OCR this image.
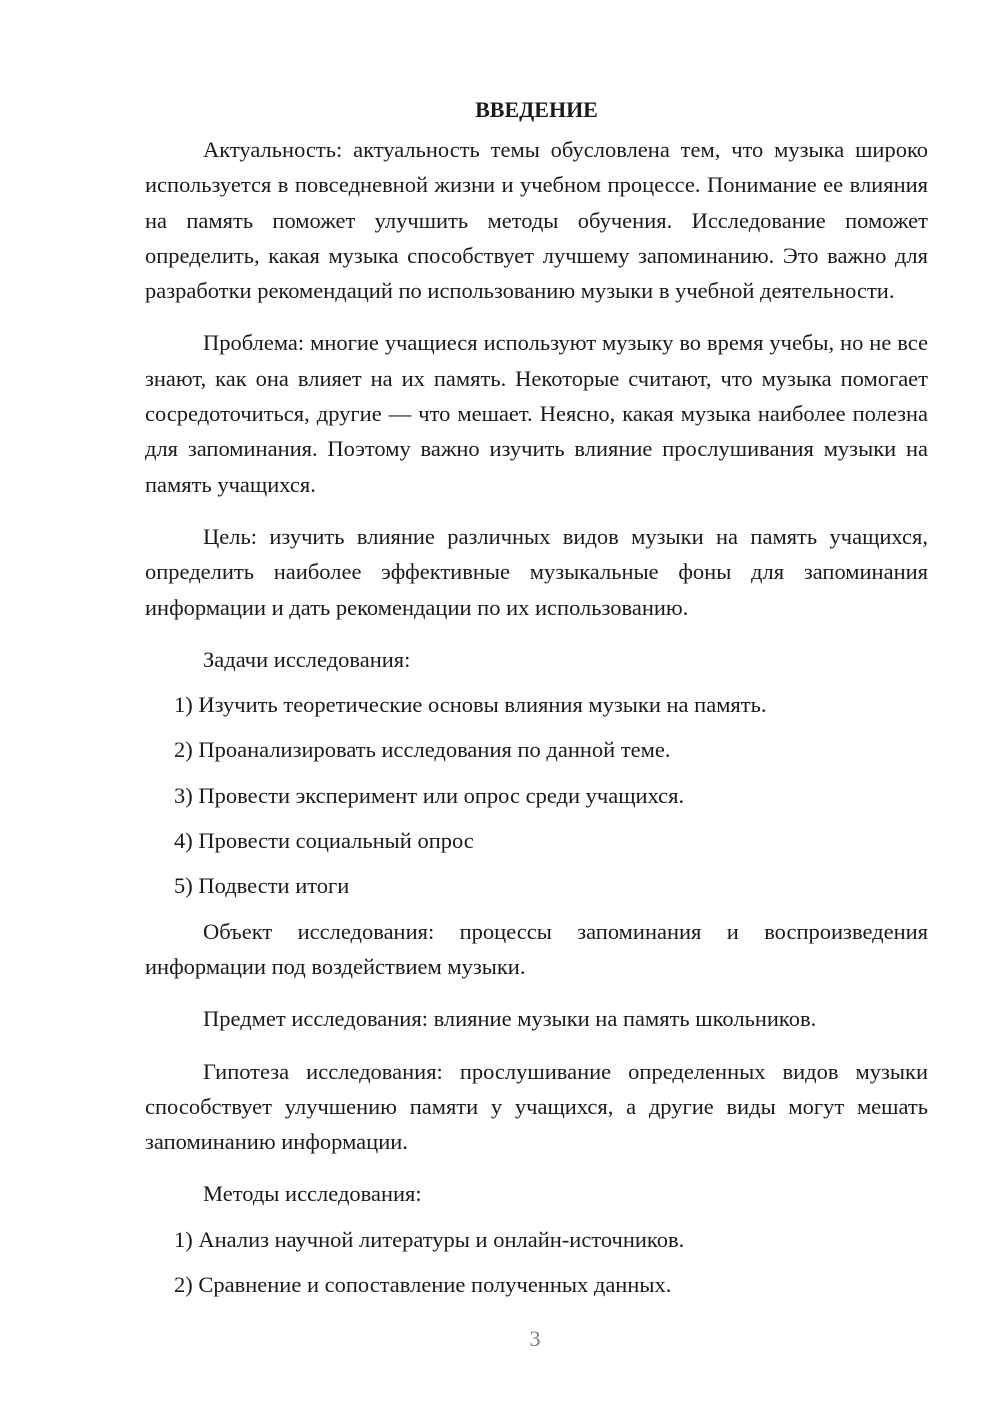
ВВЕДЕНИЕ

Актуальность: актуальность темы обусловлена тем, что музыка широко используется в повседневной жизни и учебном процессе. Понимание ее влияния на память поможет улучшить методы обучения. Исследование поможет определить, какая музыка способствует лучшему запоминанию. Это важно для разработки рекомендаций по использованию музыки в учебной деятельности.

Проблема: многие учащиеся используют музыку во время учебы, но не все знают, как она влияет на их память. Некоторые считают, что музыка помогает сосредоточиться, другие — что мешает. Неясно, какая музыка наиболее полезна для запоминания. Поэтому важно изучить влияние прослушивания музыки на память учащихся.

Цель: изучить влияние различных видов музыки на память учащихся, определить наиболее эффективные музыкальные фоны для запоминания информации и дать рекомендации по их использованию.

Задачи исследования:

1) Изучить теоретические основы влияния музыки на память.

2) Проанализировать исследования по данной теме.

3) Провести эксперимент или опрос среди учащихся.

4) Провести социальный опрос

5) Подвести итоги

Объект исследования: процессы запоминания и воспроизведения информации под воздействием музыки.

Предмет исследования: влияние музыки на память школьников.

Гипотеза исследования: прослушивание определенных видов музыки способствует улучшению памяти у учащихся, а другие виды могут мешать запоминанию информации.

Методы исследования:

1) Анализ научной литературы и онлайн-источников.

2) Сравнение и сопоставление полученных данных.

3
